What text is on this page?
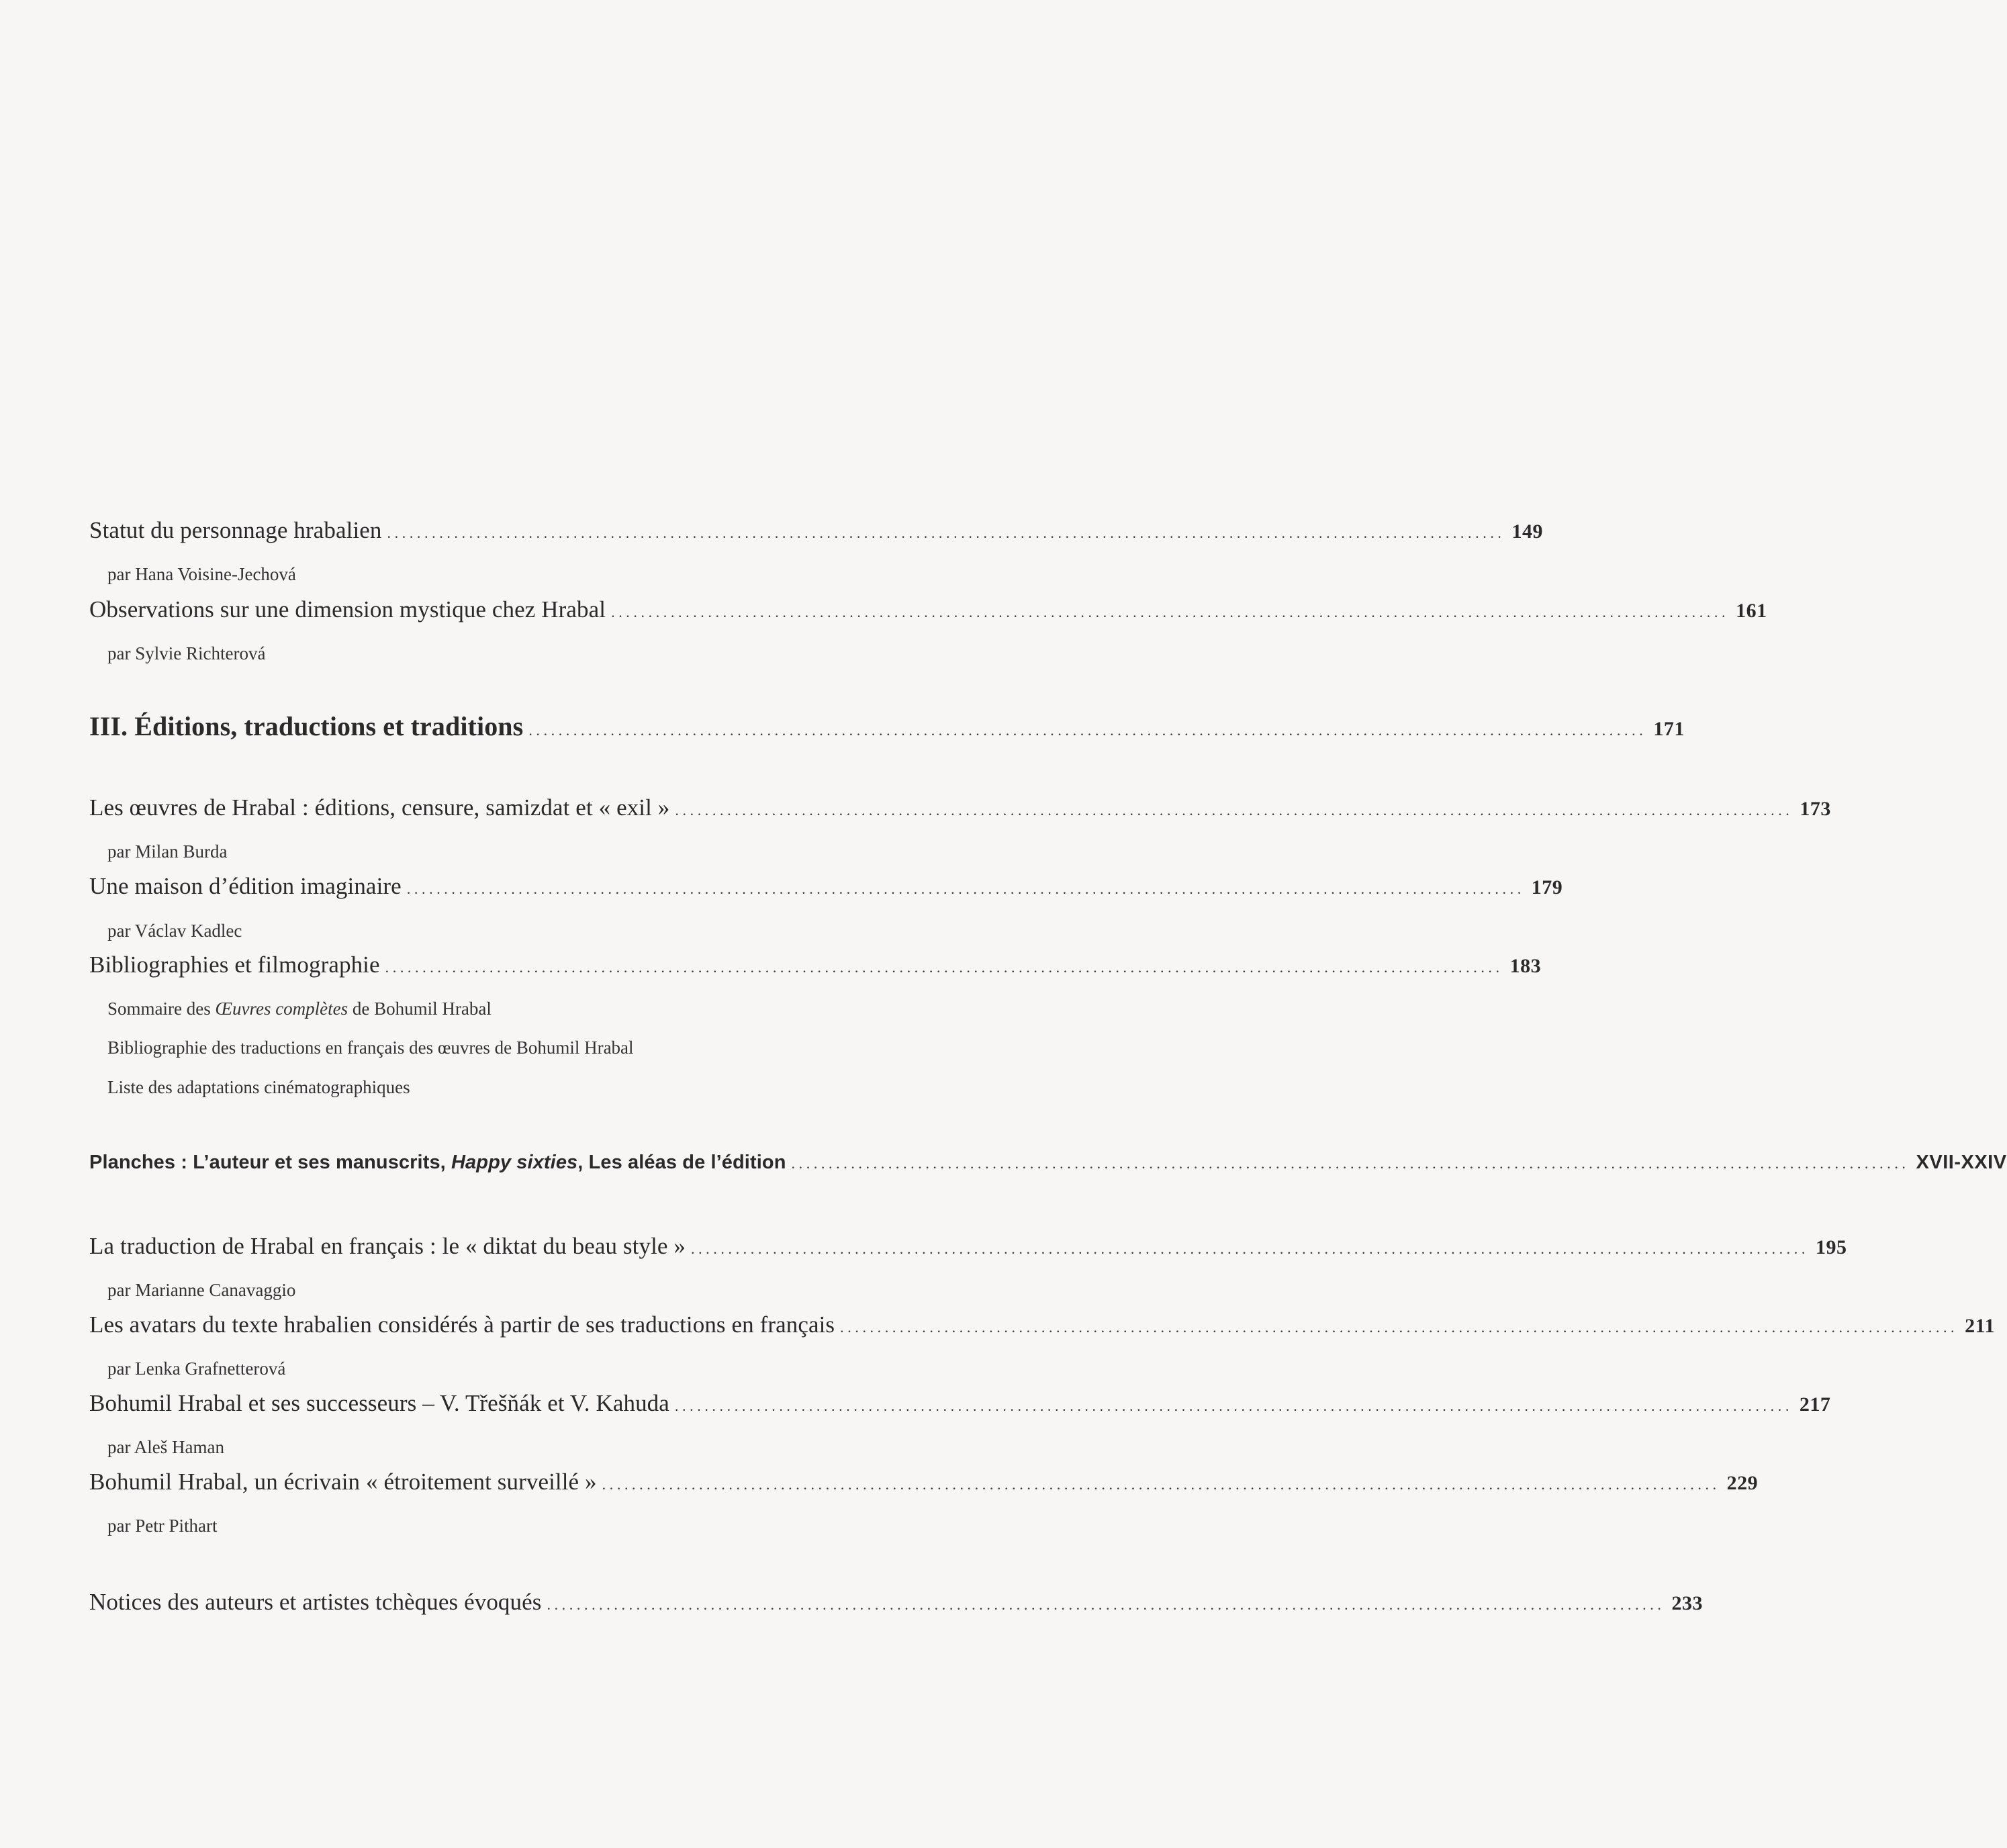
Statut du personnage hrabalien ...................................................................................................................................................... 149
par Hana Voisine-Jechová
Observations sur une dimension mystique chez Hrabal ...................................................................................................................................................... 161
par Sylvie Richterová
III. Éditions, traductions et traditions ...................................................................................................................................................... 171
Les œuvres de Hrabal : éditions, censure, samizdat et « exil » ...................................................................................................................................................... 173
par Milan Burda
Une maison d’édition imaginaire ...................................................................................................................................................... 179
par Václav Kadlec
Bibliographies et filmographie ...................................................................................................................................................... 183
Sommaire des Œuvres complètes de Bohumil Hrabal
Bibliographie des traductions en français des œuvres de Bohumil Hrabal
Liste des adaptations cinématographiques
Planches : L’auteur et ses manuscrits, Happy sixties, Les aléas de l’édition ...................................................................................................................................................... XVII-XXIV
La traduction de Hrabal en français : le « diktat du beau style » ...................................................................................................................................................... 195
par Marianne Canavaggio
Les avatars du texte hrabalien considérés à partir de ses traductions en français ...................................................................................................................................................... 211
par Lenka Grafnetterová
Bohumil Hrabal et ses successeurs – V. Třešňák et V. Kahuda ...................................................................................................................................................... 217
par Aleš Haman
Bohumil Hrabal, un écrivain « étroitement surveillé » ...................................................................................................................................................... 229
par Petr Pithart
Notices des auteurs et artistes tchèques évoqués ...................................................................................................................................................... 233
